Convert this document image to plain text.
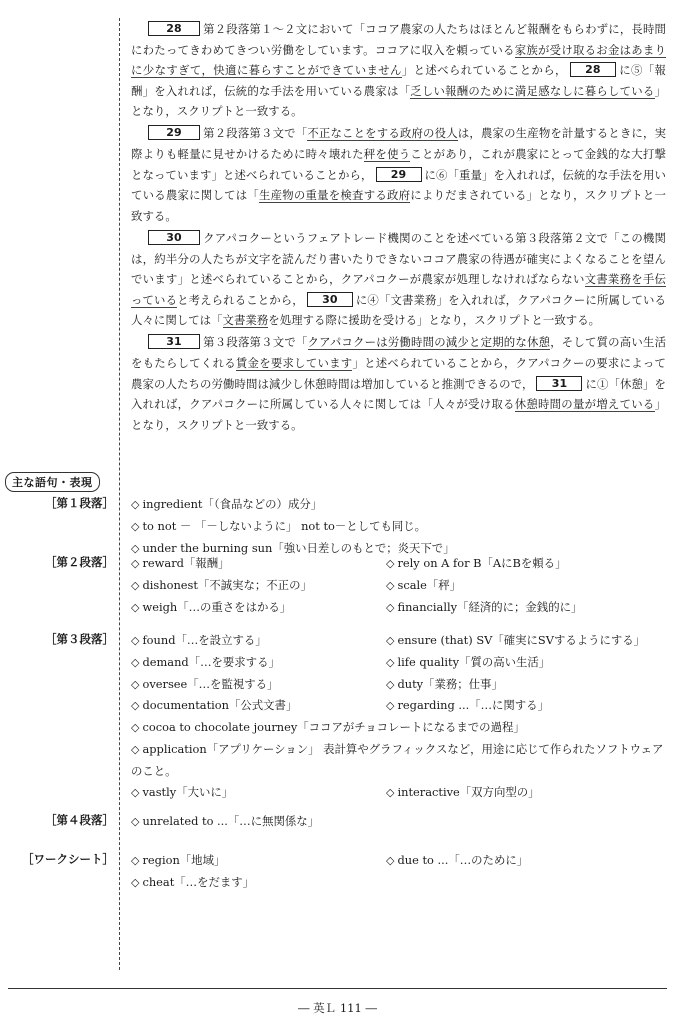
28 第２段落第１～２文において「ココア農家の人たちはほとんど報酬をもらわずに，長時間にわたってきわめてきつい労働をしています。ココアに収入を頼っている家族が受け取るお金はあまりに少なすぎて，快適に暮らすことができていません」と述べられていることから， 28 に⑤「報酬」を入れれば，伝統的な手法を用いている農家は「乏しい報酬のために満足感なしに暮らしている」となり，スクリプトと一致する。

29 第２段落第３文で「不正なことをする政府の役人は，農家の生産物を計量するときに，実際よりも軽量に見せかけるために時々壊れた秤を使うことがあり，これが農家にとって金銭的な大打撃となっています」と述べられていることから， 29 に⑥「重量」を入れれば，伝統的な手法を用いている農家に関しては「生産物の重量を検査する政府によりだまされている」となり，スクリプトと一致する。

30 クアパコクーというフェアトレード機関のことを述べている第３段落第２文で「この機関は，約半分の人たちが文字を読んだり書いたりできないココア農家の待遇が確実によくなることを望んでいます」と述べられていることから，クアパコクーが農家が処理しなければならない文書業務を手伝っていると考えられることから， 30 に④「文書業務」を入れれば，クアパコクーに所属している人々に関しては「文書業務を処理する際に援助を受ける」となり，スクリプトと一致する。

31 第３段落第３文で「クアパコクーは労働時間の減少と定期的な休憩，そして質の高い生活をもたらしてくれる賃金を要求しています」と述べられていることから，クアパコクーの要求によって農家の人たちの労働時間は減少し休憩時間は増加していると推測できるので， 31 に①「休憩」を入れれば，クアパコクーに所属している人々に関しては「人々が受け取る休憩時間の量が増えている」となり，スクリプトと一致する。

主な語句・表現
［第１段落］ ◇ ingredient「（食品などの）成分」
◇ to not － 「－しないように」 not to－としても同じ。
◇ under the burning sun「強い日差しのもとで；炎天下で」
［第２段落］ ◇ reward「報酬」	◇ rely on A for B「AにBを頼る」
◇ dishonest「不誠実な；不正の」	◇ scale「秤」
◇ weigh「…の重さをはかる」	◇ financially「経済的に；金銭的に」
［第３段落］ ◇ found「…を設立する」	◇ ensure (that) SV「確実にSVするようにする」
◇ demand「…を要求する」	◇ life quality「質の高い生活」
◇ oversee「…を監視する」	◇ duty「業務；仕事」
◇ documentation「公式文書」	◇ regarding ...「…に関する」
◇ cocoa to chocolate journey「ココアがチョコレートになるまでの過程」
◇ application「アプリケーション」 表計算やグラフィックスなど，用途に応じて作られたソフトウェアのこと。
◇ vastly「大いに」	◇ interactive「双方向型の」
［第４段落］ ◇ unrelated to ...「…に無関係な」
［ワークシート］ ◇ region「地域」	◇ due to ...「…のために」
◇ cheat「…をだます」
― 英Ｌ 111 ―
